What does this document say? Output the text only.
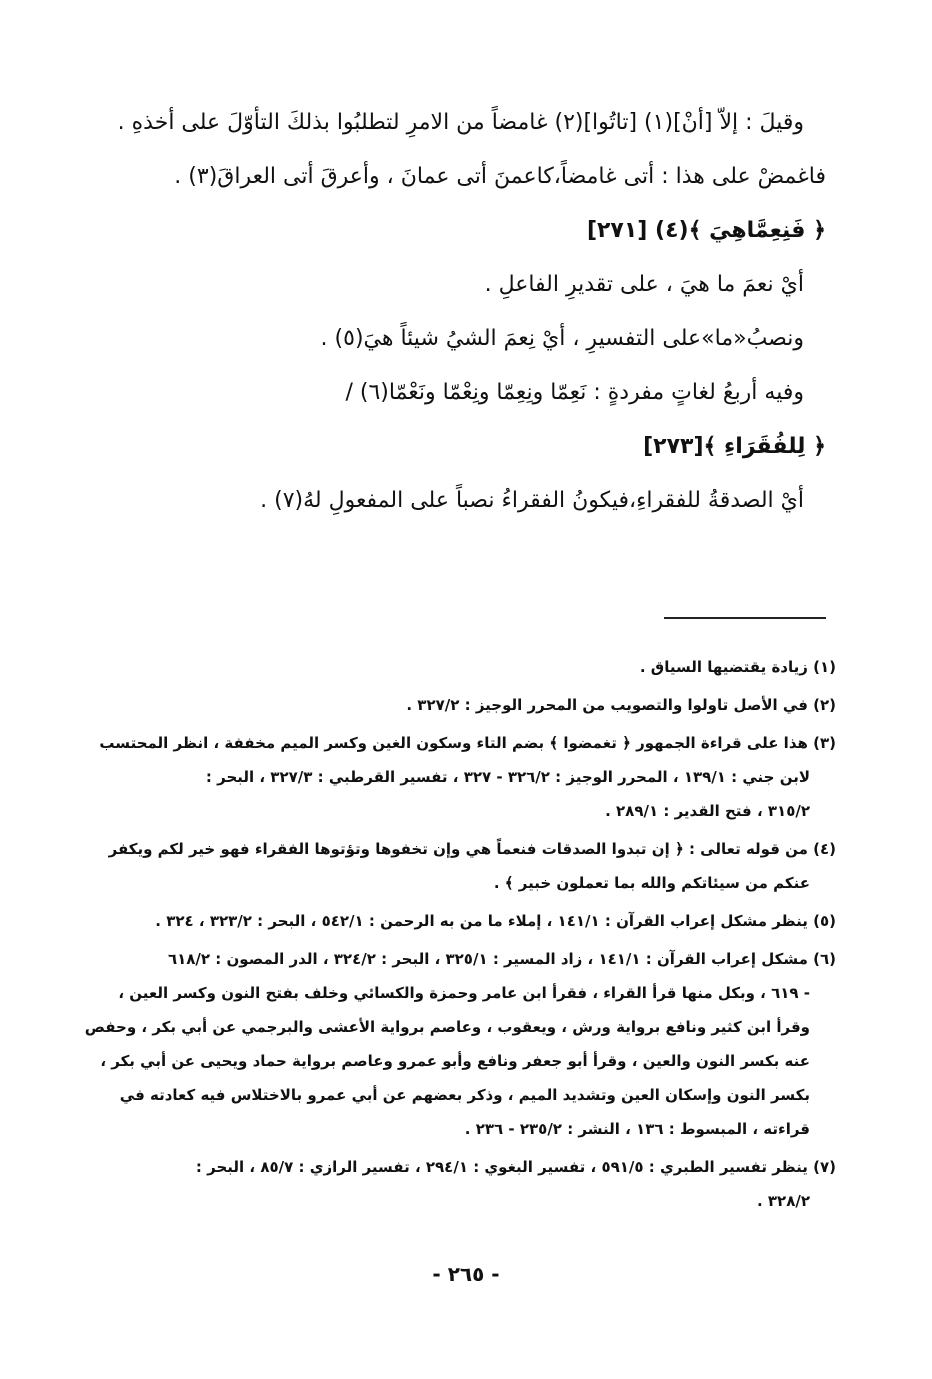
وقيلَ : إلاّ [أنْ](١) [تاتُوا](٢) غامضاً من الامرِ لتطلبُوا بذلكَ التأوّلَ على أخذهِ .
فاغمضْ على هذا : أتى غامضاً،كاعمنَ أتى عمانَ ، وأعرقَ أتى العراقَ(٣) .
﴿ فَنِعِمَّاهِيَ ﴾(٤) [٢٧١]
أيْ نعمَ ما هيَ ، على تقديرِ الفاعلِ .
ونصبُ«ما»على التفسيرِ ، أيْ نِعمَ الشيُ شيئاً هيَ(٥) .
وفيه أربعُ لغاتٍ مفردةٍ : نَعِمّا ونِعِمّا ونِعْمّا ونَعْمّا(٦) /
﴿ لِلفُقَرَاءِ ﴾[٢٧٣]
أيْ الصدقةُ للفقراءِ،فيكونُ الفقراءُ نصباً على المفعولِ لهُ(٧) .
(١) زيادة يقتضيها السياق .
(٢) في الأصل تاولوا والتصويب من المحرر الوجيز : ٣٢٧/٢ .
(٣) هذا على قراءة الجمهور ﴿ تغمضوا ﴾ بضم التاء وسكون الغين وكسر الميم مخففة ، انظر المحتسب
لابن جني : ١٣٩/١ ، المحرر الوجيز : ٣٢٦/٢ - ٣٢٧ ، تفسير القرطبي : ٣٢٧/٣ ، البحر :
٣١٥/٢ ، فتح القدير : ٢٨٩/١ .
(٤) من قوله تعالى : ﴿ إن تبدوا الصدقات فنعماً هي وإن تخفوها وتؤتوها الفقراء فهو خير لكم ويكفر
عنكم من سيئاتكم والله بما تعملون خبير ﴾ .
(٥) ينظر مشكل إعراب القرآن : ١٤١/١ ، إملاء ما من به الرحمن : ٥٤٢/١ ، البحر : ٣٢٣/٢ ، ٣٢٤ .
(٦) مشكل إعراب القرآن : ١٤١/١ ، زاد المسير : ٣٢٥/١ ، البحر : ٣٢٤/٢ ، الدر المصون : ٦١٨/٢
- ٦١٩ ، وبكل منها قرأ القراء ، فقرأ ابن عامر وحمزة والكسائي وخلف بفتح النون وكسر العين ،
وقرأ ابن كثير ونافع برواية ورش ، ويعقوب ، وعاصم برواية الأعشى والبرجمي عن أبي بكر ، وحفص
عنه بكسر النون والعين ، وقرأ أبو جعفر ونافع وأبو عمرو وعاصم برواية حماد ويحيى عن أبي بكر ،
بكسر النون وإسكان العين وتشديد الميم ، وذكر بعضهم عن أبي عمرو بالاختلاس فيه كعادته في
قراءته ، المبسوط : ١٣٦ ، النشر : ٢٣٥/٢ - ٢٣٦ .
(٧) ينظر تفسير الطبري : ٥٩١/٥ ، تفسير البغوي : ٢٩٤/١ ، تفسير الرازي : ٨٥/٧ ، البحر :
٣٢٨/٢ .
- ٢٦٥ -
